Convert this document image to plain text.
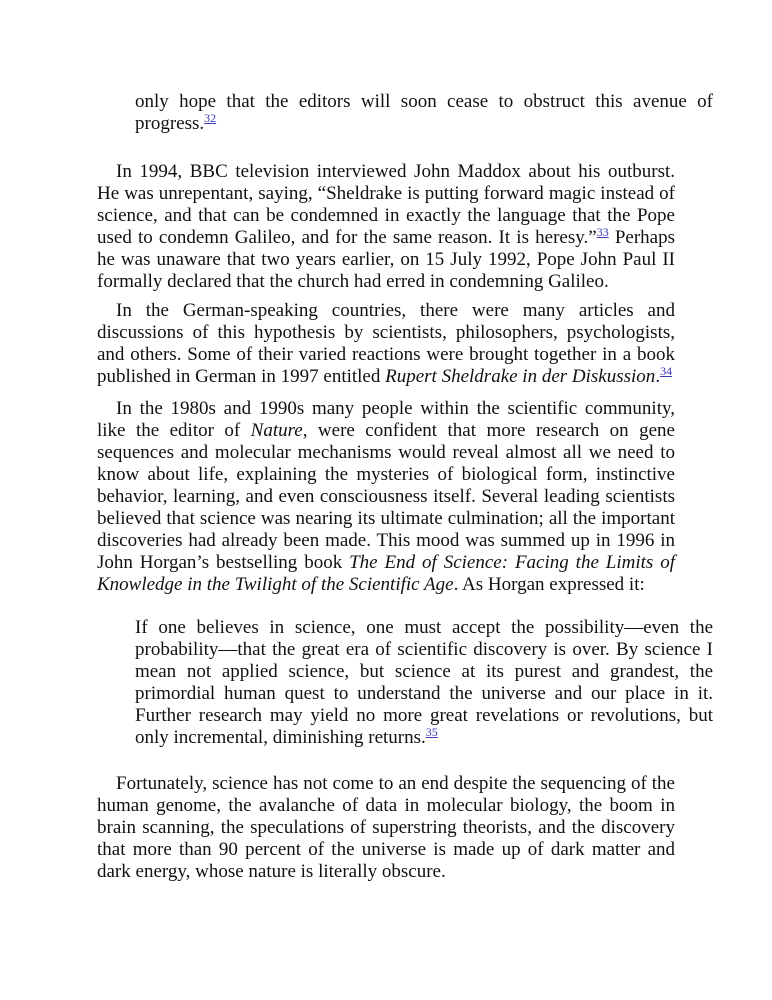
only hope that the editors will soon cease to obstruct this avenue of progress.$^{32}$

In 1994, BBC television interviewed John Maddox about his outburst. He was unrepentant, saying, “Sheldrake is putting forward magic instead of science, and that can be condemned in exactly the language that the Pope used to condemn Galileo, and for the same reason. It is heresy.”$^{33}$ Perhaps he was unaware that two years earlier, on 15 July 1992, Pope John Paul II formally declared that the church had erred in condemning Galileo.

In the German-speaking countries, there were many articles and discussions of this hypothesis by scientists, philosophers, psychologists, and others. Some of their varied reactions were brought together in a book published in German in 1997 entitled Rupert Sheldrake in der Diskussion.$^{34}$

In the 1980s and 1990s many people within the scientific community, like the editor of Nature, were confident that more research on gene sequences and molecular mechanisms would reveal almost all we need to know about life, explaining the mysteries of biological form, instinctive behavior, learning, and even consciousness itself. Several leading scientists believed that science was nearing its ultimate culmination; all the important discoveries had already been made. This mood was summed up in 1996 in John Horgan’s bestselling book The End of Science: Facing the Limits of Knowledge in the Twilight of the Scientific Age. As Horgan expressed it:

If one believes in science, one must accept the possibility—even the probability—that the great era of scientific discovery is over. By science I mean not applied science, but science at its purest and grandest, the primordial human quest to understand the universe and our place in it. Further research may yield no more great revelations or revolutions, but only incremental, diminishing returns.$^{35}$

Fortunately, science has not come to an end despite the sequencing of the human genome, the avalanche of data in molecular biology, the boom in brain scanning, the speculations of superstring theorists, and the discovery that more than 90 percent of the universe is made up of dark matter and dark energy, whose nature is literally obscure.
